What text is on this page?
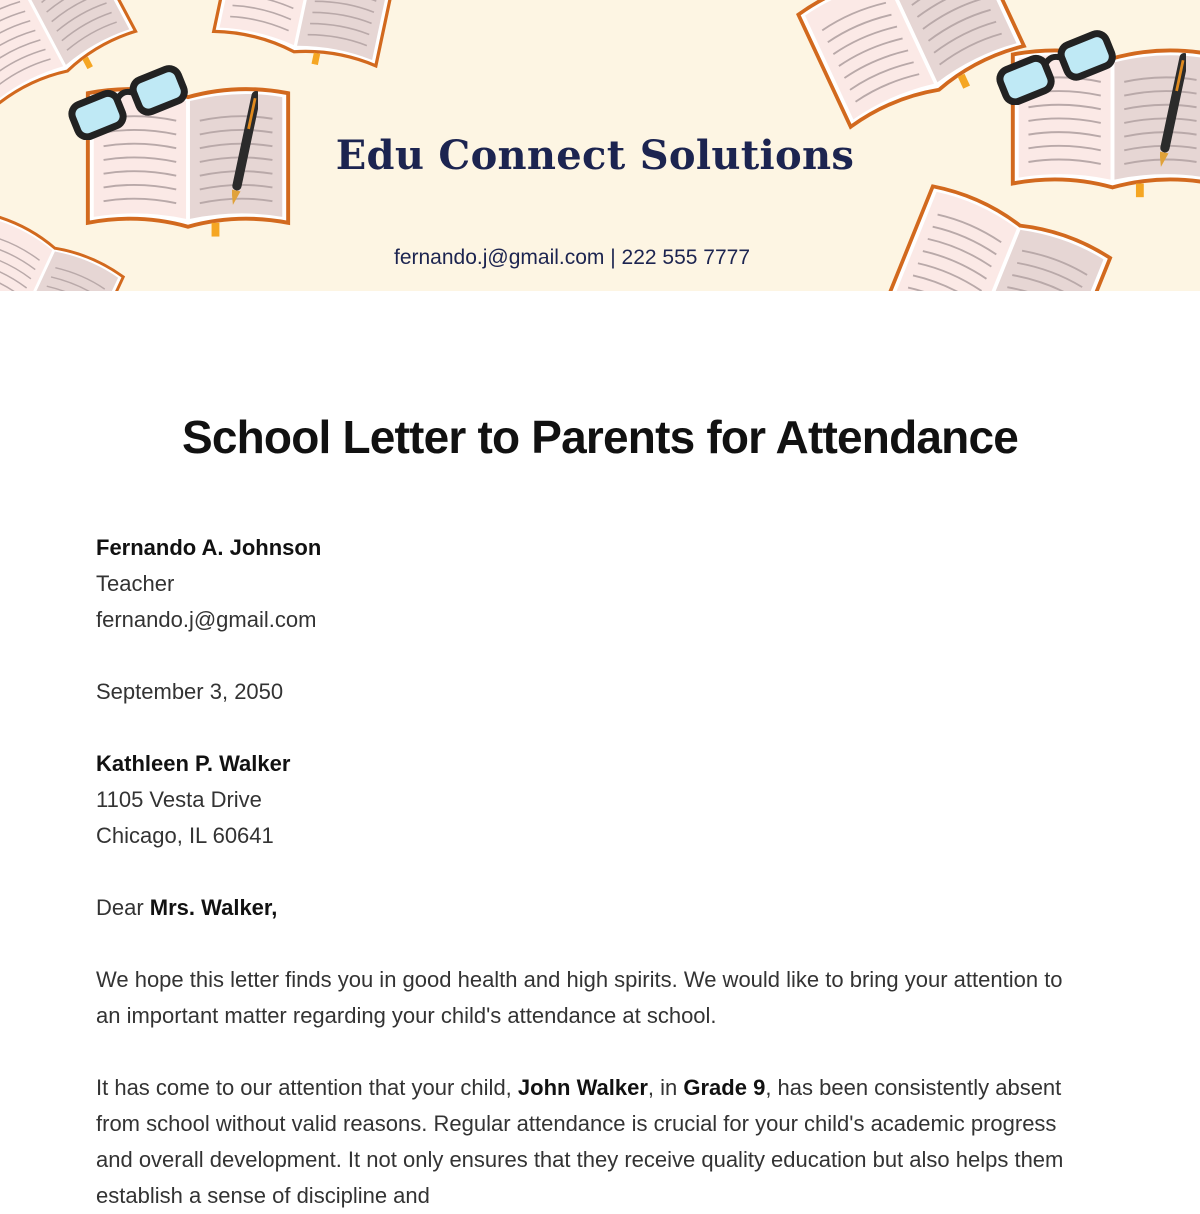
Edu Connect Solutions
fernando.j@gmail.com | 222 555 7777
School Letter to Parents for Attendance

Fernando A. Johnson

Teacher

fernando.j@gmail.com

September 3, 2050

Kathleen P. Walker

1105 Vesta Drive

Chicago, IL 60641

Dear Mrs. Walker,

We hope this letter finds you in good health and high spirits. We would like to bring your attention to an important matter regarding your child's attendance at school.

It has come to our attention that your child, John Walker, in Grade 9, has been consistently absent from school without valid reasons. Regular attendance is crucial for your child's academic progress and overall development. It not only ensures that they receive quality education but also helps them establish a sense of discipline and
